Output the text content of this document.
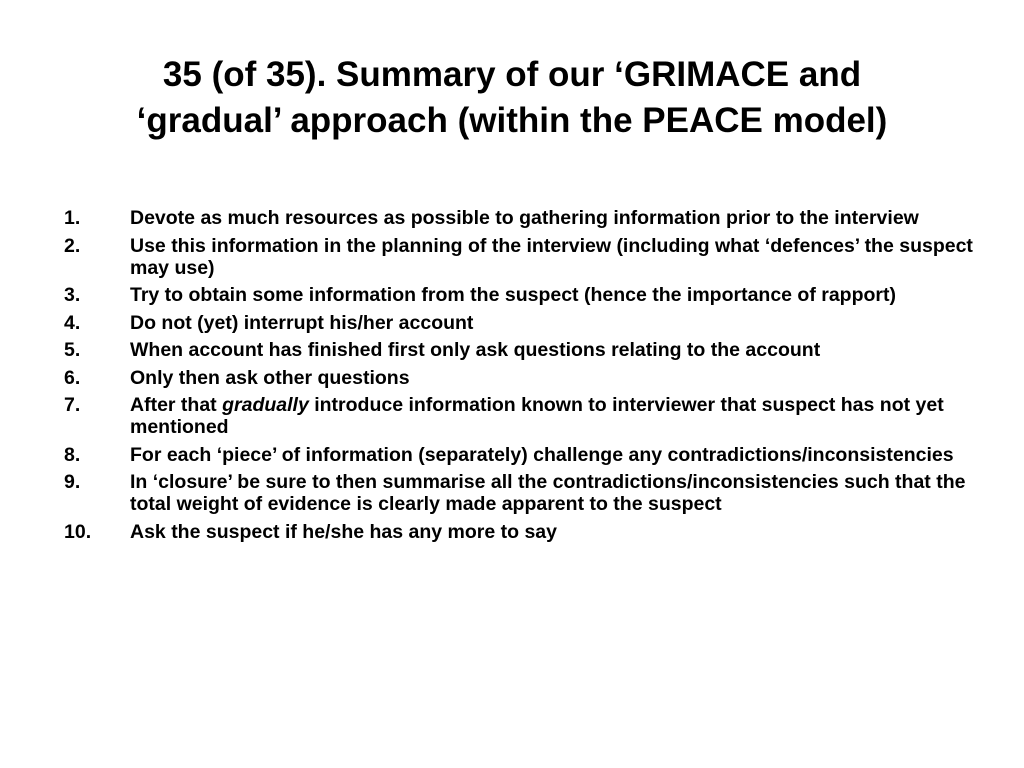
35 (of 35). Summary of our ‘GRIMACE and
‘gradual’ approach (within the PEACE model)
1.	Devote as much resources as possible to gathering information prior to the interview
2.	Use this information in the planning of the interview (including what ‘defences’ the suspect may use)
3.	Try to obtain some information from the suspect (hence the importance of rapport)
4.	Do not (yet) interrupt his/her account
5.	When account has finished first only ask questions relating to the account
6.	Only then ask other questions
7.	After that gradually introduce information known to interviewer that suspect has not yet mentioned
8.	For each ‘piece’ of information (separately) challenge any contradictions/inconsistencies
9.	In ‘closure’ be sure to then summarise all the contradictions/inconsistencies such that the total weight of evidence is clearly made apparent to the suspect
10. Ask the suspect if he/she has any more to say
